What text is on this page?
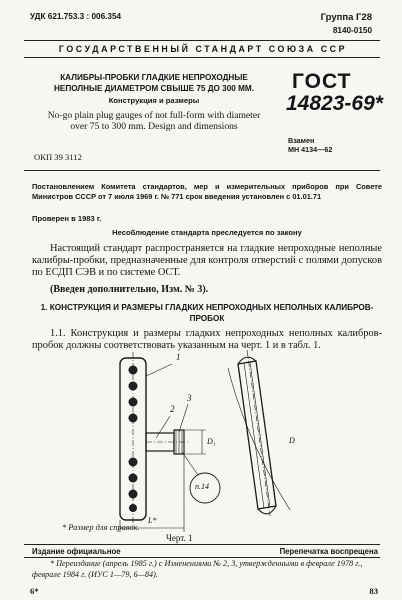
УДК 621.753.3 : 006.354	Группа Г28
8140-0150
ГОСУДАРСТВЕННЫЙ СТАНДАРТ СОЮЗА ССР
КАЛИБРЫ-ПРОБКИ ГЛАДКИЕ НЕПРОХОДНЫЕ НЕПОЛНЫЕ ДИАМЕТРОМ СВЫШЕ 75 ДО 300 ММ.
Конструкция и размеры
No-go plain plug gauges of not full-form with diameter over 75 to 300 mm. Design and dimensions
ГОСТ
14823-69*
Взамен
МН 4134—62
ОКП 39 3112
Постановлением Комитета стандартов, мер и измерительных приборов при Совете Министров СССР от 7 июля 1969 г. № 771 срок введения установлен с 01.01.71
Проверен в 1983 г.
Несоблюдение стандарта преследуется по закону
Настоящий стандарт распространяется на гладкие непроходные неполные калибры-пробки, предназначенные для контроля отверстий с полями допусков по ЕСДП СЭВ и по системе ОСТ.
(Введен дополнительно, Изм. № 3).
1. КОНСТРУКЦИЯ И РАЗМЕРЫ ГЛАДКИХ НЕПРОХОДНЫХ НЕПОЛНЫХ КАЛИБРОВ-ПРОБОК
1.1. Конструкция и размеры гладких непроходных неполных калибров-пробок должны соответствовать указанным на черт. 1 и в табл. 1.
1
2
3
D₁
L*
D
п.14
* Размер для справок.
Черт. 1
Издание официальное	Перепечатка воспрещена
* Переиздание (апрель 1985 г.) с Изменениями № 2, 3, утвержденными в феврале 1978 г., феврале 1984 г. (ИУС 1—79, 6—84).
6*	83
